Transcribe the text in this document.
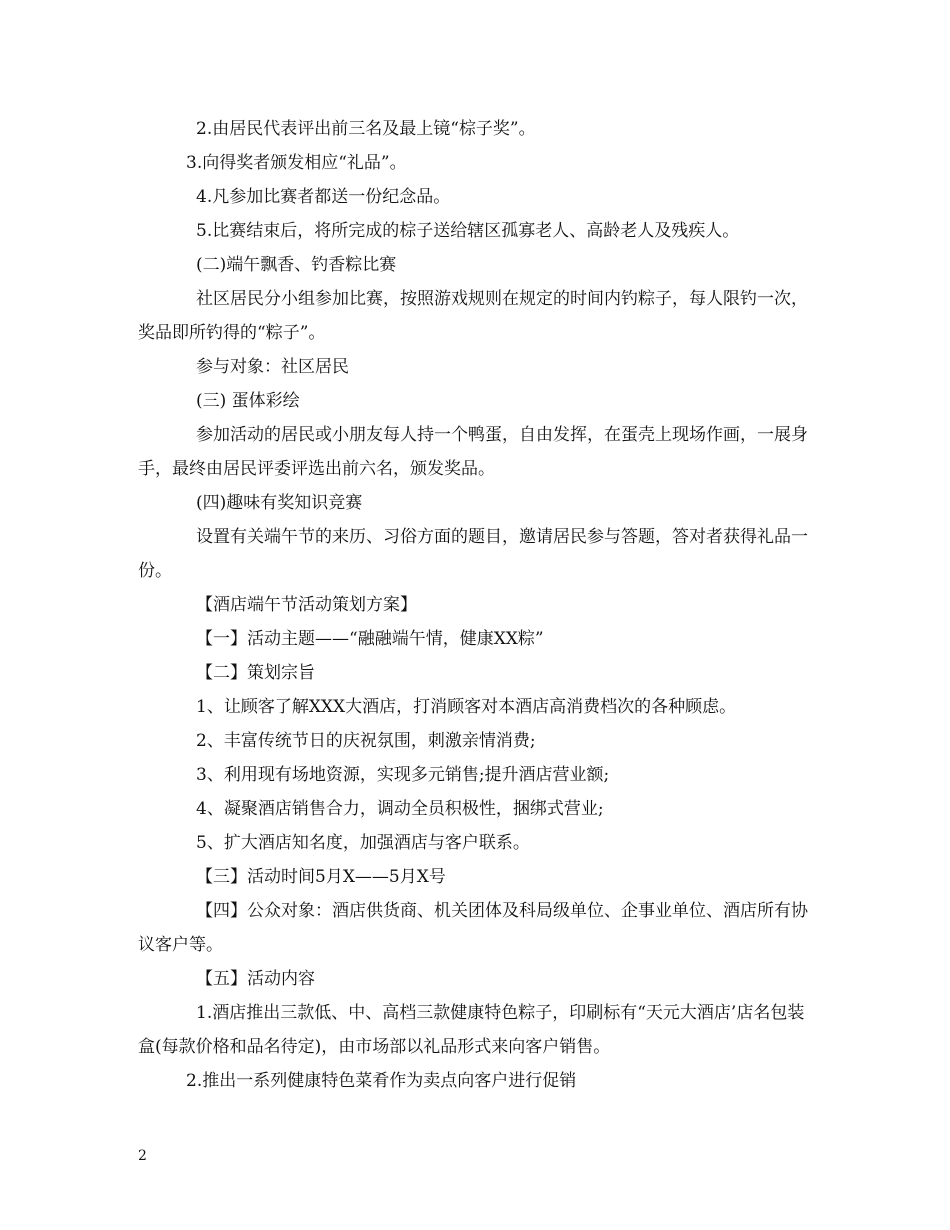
2.由居民代表评出前三名及最上镜“棕子奖”。

3.向得奖者颁发相应“礼品”。

4.凡参加比赛者都送一份纪念品。

5.比赛结束后，将所完成的棕子送给辖区孤寡老人、高龄老人及残疾人。

(二)端午飘香、钓香粽比赛

社区居民分小组参加比赛，按照游戏规则在规定的时间内钓粽子，每人限钓一次，奖品即所钓得的“粽子”。

参与对象：社区居民

(三) 蛋体彩绘

参加活动的居民或小朋友每人持一个鸭蛋，自由发挥，在蛋壳上现场作画，一展身手，最终由居民评委评选出前六名，颁发奖品。

(四)趣味有奖知识竞赛

设置有关端午节的来历、习俗方面的题目，邀请居民参与答题，答对者获得礼品一份。

【酒店端午节活动策划方案】

【一】活动主题——“融融端午情，健康XX粽”

【二】策划宗旨

1、让顾客了解XXX大酒店，打消顾客对本酒店高消费档次的各种顾虑。

2、丰富传统节日的庆祝氛围，刺激亲情消费;

3、利用现有场地资源，实现多元销售;提升酒店营业额;

4、凝聚酒店销售合力，调动全员积极性，捆绑式营业;

5、扩大酒店知名度，加强酒店与客户联系。

【三】活动时间5月X——5月X号

【四】公众对象：酒店供货商、机关团体及科局级单位、企事业单位、酒店所有协议客户等。

【五】活动内容

1.酒店推出三款低、中、高档三款健康特色粽子，印刷标有“天元大酒店’店名包装盒(每款价格和品名待定)，由市场部以礼品形式来向客户销售。

2.推出一系列健康特色菜肴作为卖点向客户进行促销

2
